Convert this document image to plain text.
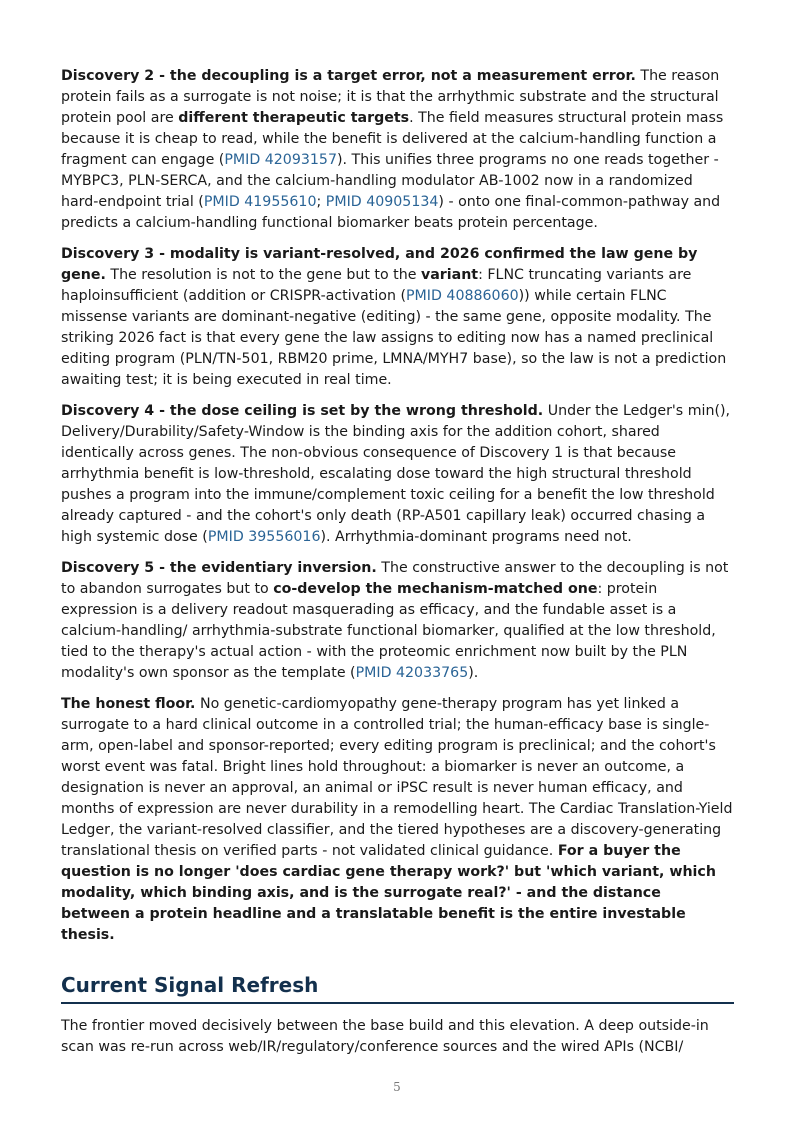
Discovery 2 - the decoupling is a target error, not a measurement error. The reason protein fails as a surrogate is not noise; it is that the arrhythmic substrate and the structural protein pool are different therapeutic targets. The field measures structural protein mass because it is cheap to read, while the benefit is delivered at the calcium-handling function a fragment can engage (PMID 42093157). This unifies three programs no one reads together - MYBPC3, PLN-SERCA, and the calcium-handling modulator AB-1002 now in a randomized hard-endpoint trial (PMID 41955610; PMID 40905134) - onto one final-common-pathway and predicts a calcium-handling functional biomarker beats protein percentage.

Discovery 3 - modality is variant-resolved, and 2026 confirmed the law gene by gene. The resolution is not to the gene but to the variant: FLNC truncating variants are haploinsufficient (addition or CRISPR-activation (PMID 40886060)) while certain FLNC missense variants are dominant-negative (editing) - the same gene, opposite modality. The striking 2026 fact is that every gene the law assigns to editing now has a named preclinical editing program (PLN/TN-501, RBM20 prime, LMNA/MYH7 base), so the law is not a prediction awaiting test; it is being executed in real time.

Discovery 4 - the dose ceiling is set by the wrong threshold. Under the Ledger's min(), Delivery/Durability/Safety-Window is the binding axis for the addition cohort, shared identically across genes. The non-obvious consequence of Discovery 1 is that because arrhythmia benefit is low-threshold, escalating dose toward the high structural threshold pushes a program into the immune/complement toxic ceiling for a benefit the low threshold already captured - and the cohort's only death (RP-A501 capillary leak) occurred chasing a high systemic dose (PMID 39556016). Arrhythmia-dominant programs need not.

Discovery 5 - the evidentiary inversion. The constructive answer to the decoupling is not to abandon surrogates but to co-develop the mechanism-matched one: protein expression is a delivery readout masquerading as efficacy, and the fundable asset is a calcium-handling/ arrhythmia-substrate functional biomarker, qualified at the low threshold, tied to the therapy's actual action - with the proteomic enrichment now built by the PLN modality's own sponsor as the template (PMID 42033765).

The honest floor. No genetic-cardiomyopathy gene-therapy program has yet linked a surrogate to a hard clinical outcome in a controlled trial; the human-efficacy base is single-arm, open-label and sponsor-reported; every editing program is preclinical; and the cohort's worst event was fatal. Bright lines hold throughout: a biomarker is never an outcome, a designation is never an approval, an animal or iPSC result is never human efficacy, and months of expression are never durability in a remodelling heart. The Cardiac Translation-Yield Ledger, the variant-resolved classifier, and the tiered hypotheses are a discovery-generating translational thesis on verified parts - not validated clinical guidance. For a buyer the question is no longer 'does cardiac gene therapy work?' but 'which variant, which modality, which binding axis, and is the surrogate real?' - and the distance between a protein headline and a translatable benefit is the entire investable thesis.

Current Signal Refresh

The frontier moved decisively between the base build and this elevation. A deep outside-in scan was re-run across web/IR/regulatory/conference sources and the wired APIs (NCBI/

5
